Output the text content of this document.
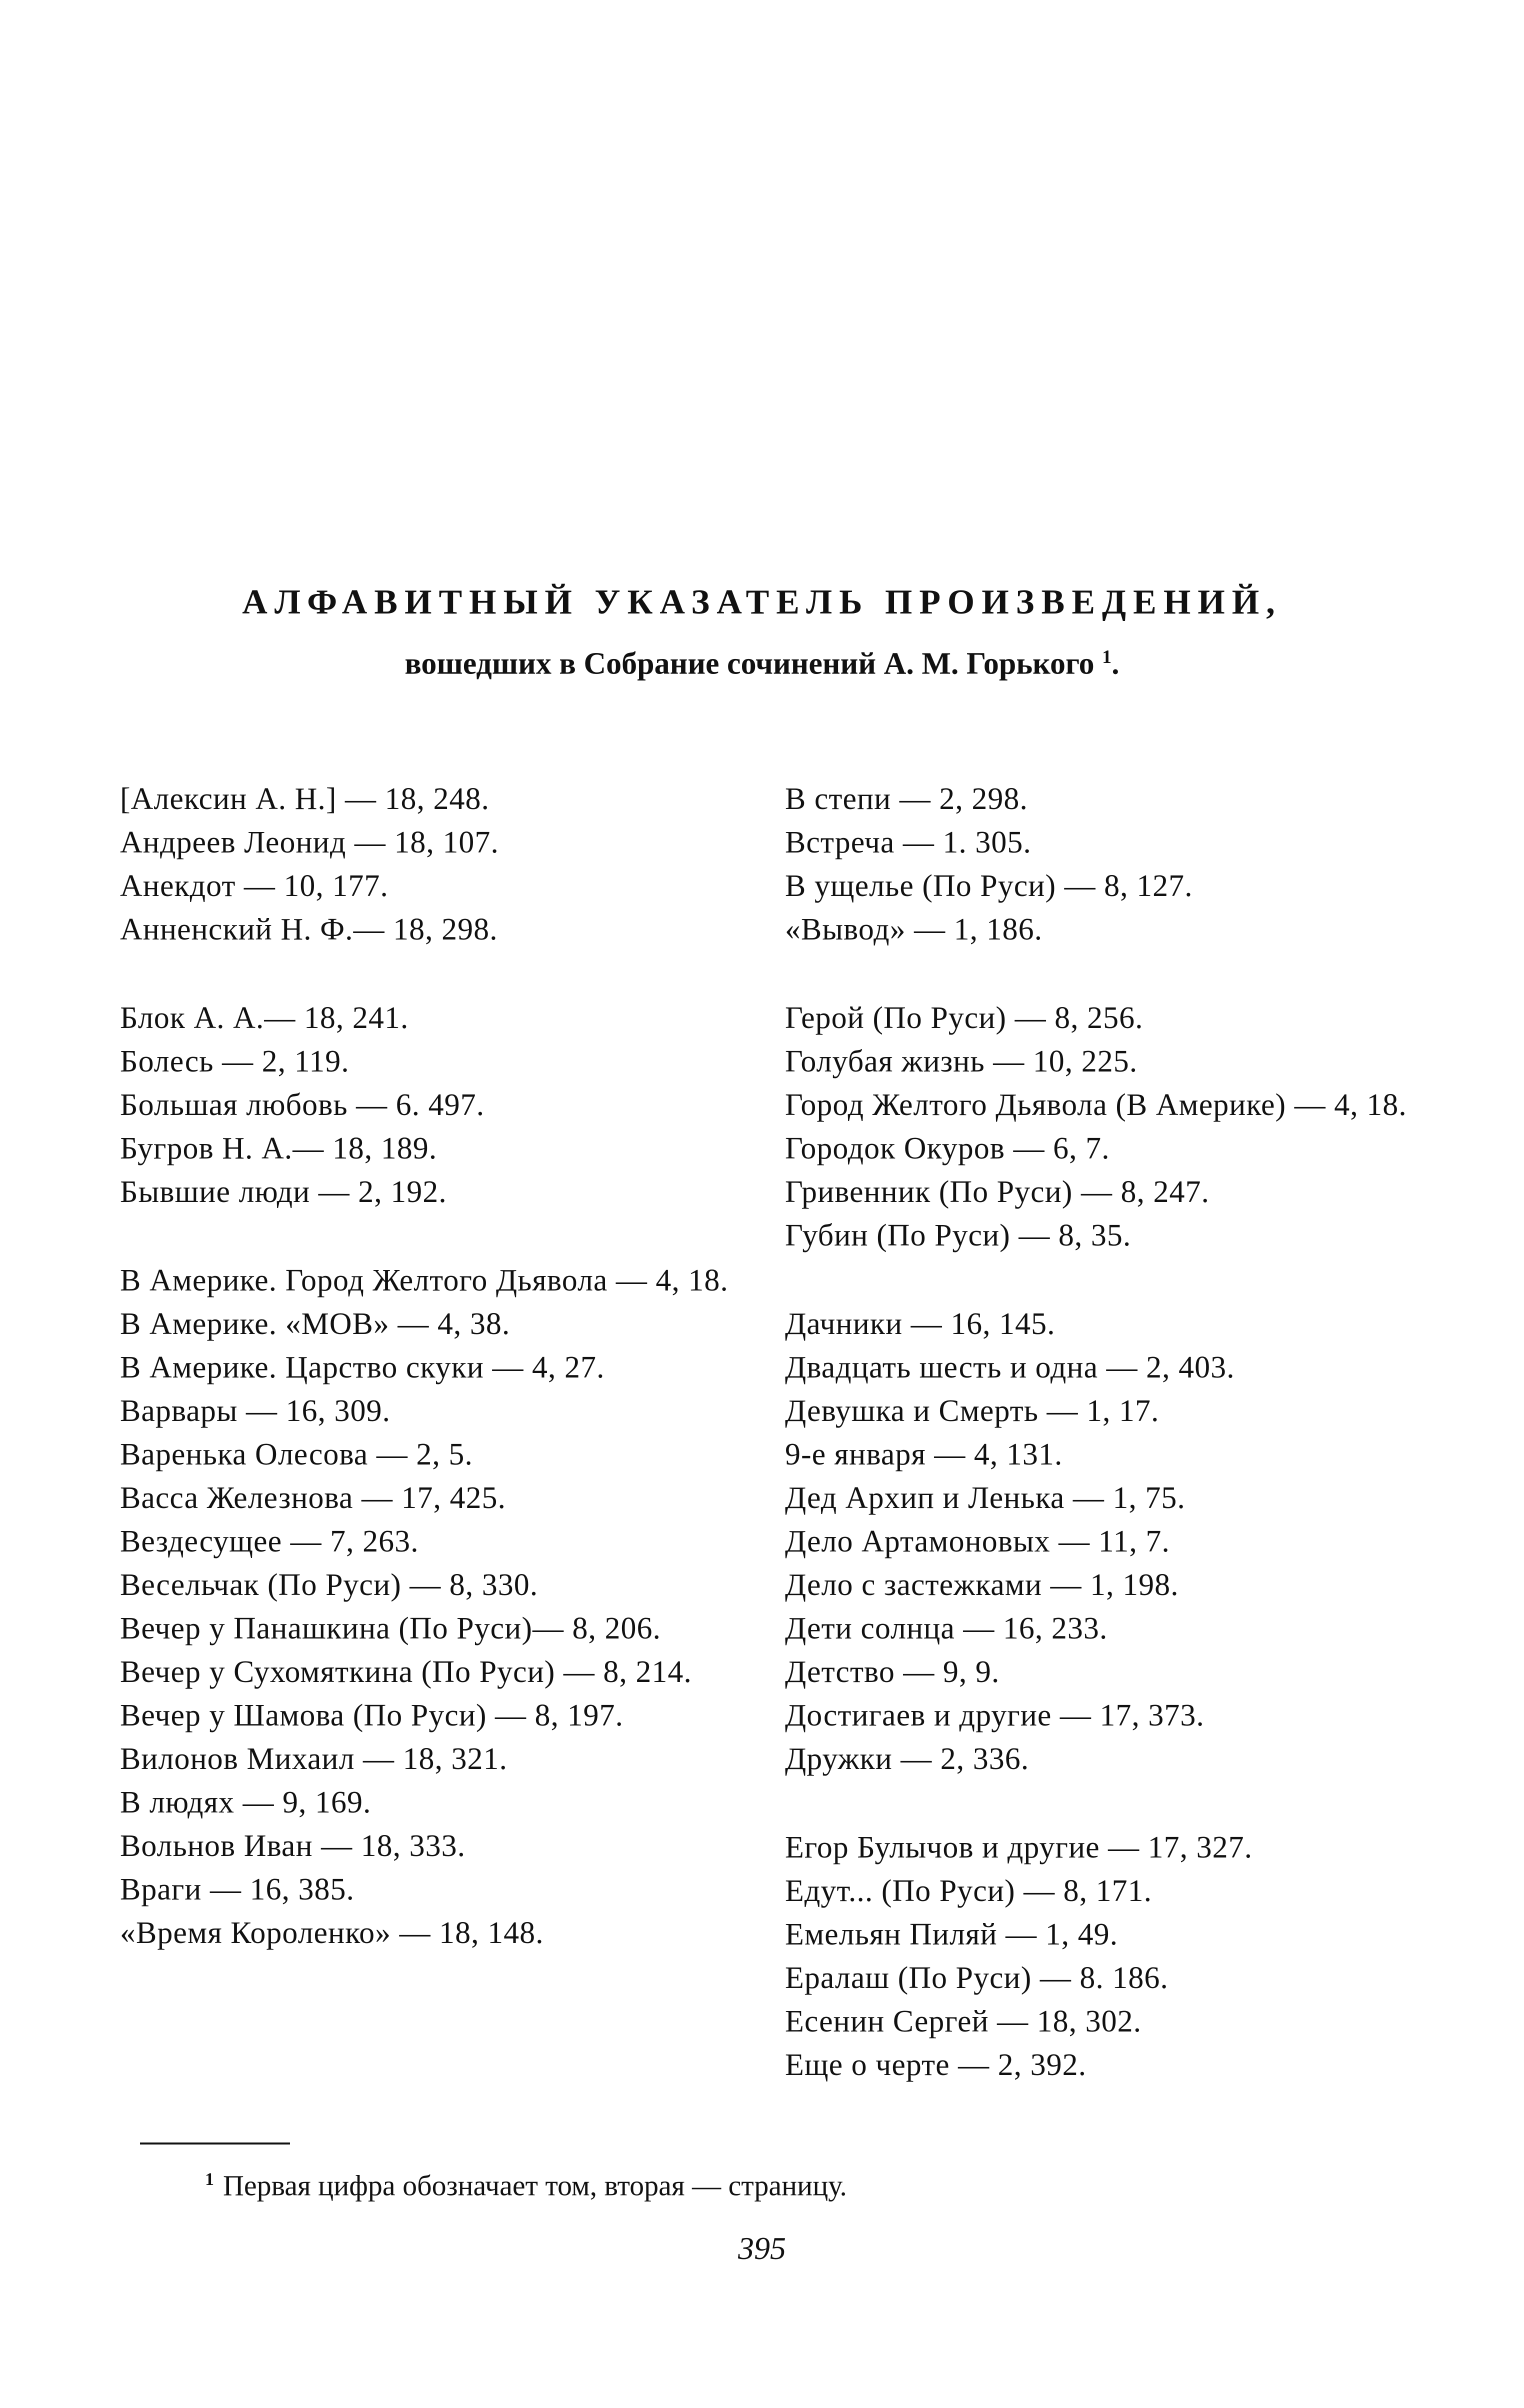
АЛФАВИТНЫЙ УКАЗАТЕЛЬ ПРОИЗВЕДЕНИЙ,
вошедших в Собрание сочинений А. М. Горького $^1$.

[Алексин А. Н.] — 18, 248.

Андреев Леонид — 18, 107.

Анекдот — 10, 177.

Анненский Н. Ф.— 18, 298.

Блок А. А.— 18, 241.

Болесь — 2, 119.

Большая любовь — 6. 497.

Бугров Н. А.— 18, 189.

Бывшие люди — 2, 192.

В Америке. Город Желтого Дьявола — 4, 18.

В Америке. «МОВ» — 4, 38.

В Америке. Царство скуки — 4, 27.

Варвары — 16, 309.

Варенька Олесова — 2, 5.

Васса Железнова — 17, 425.

Вездесущее — 7, 263.

Весельчак (По Руси) — 8, 330.

Вечер у Панашкина (По Руси)— 8, 206.

Вечер у Сухомяткина (По Руси) — 8, 214.

Вечер у Шамова (По Руси) — 8, 197.

Вилонов Михаил — 18, 321.

В людях — 9, 169.

Вольнов Иван — 18, 333.

Враги — 16, 385.

«Время Короленко» — 18, 148.

В степи — 2, 298.

Встреча — 1. 305.

В ущелье (По Руси) — 8, 127.

«Вывод» — 1, 186.

Герой (По Руси) — 8, 256.

Голубая жизнь — 10, 225.

Город Желтого Дьявола (В Америке) — 4, 18.

Городок Окуров — 6, 7.

Гривенник (По Руси) — 8, 247.

Губин (По Руси) — 8, 35.

Дачники — 16, 145.

Двадцать шесть и одна — 2, 403.

Девушка и Смерть — 1, 17.

9-е января — 4, 131.

Дед Архип и Ленька — 1, 75.

Дело Артамоновых — 11, 7.

Дело с застежками — 1, 198.

Дети солнца — 16, 233.

Детство — 9, 9.

Достигаев и другие — 17, 373.

Дружки — 2, 336.

Егор Булычов и другие — 17, 327.

Едут... (По Руси) — 8, 171.

Емельян Пиляй — 1, 49.

Ералаш (По Руси) — 8. 186.

Есенин Сергей — 18, 302.

Еще о черте — 2, 392.

$^1$ Первая цифра обозначает том, вторая — страницу.
395
